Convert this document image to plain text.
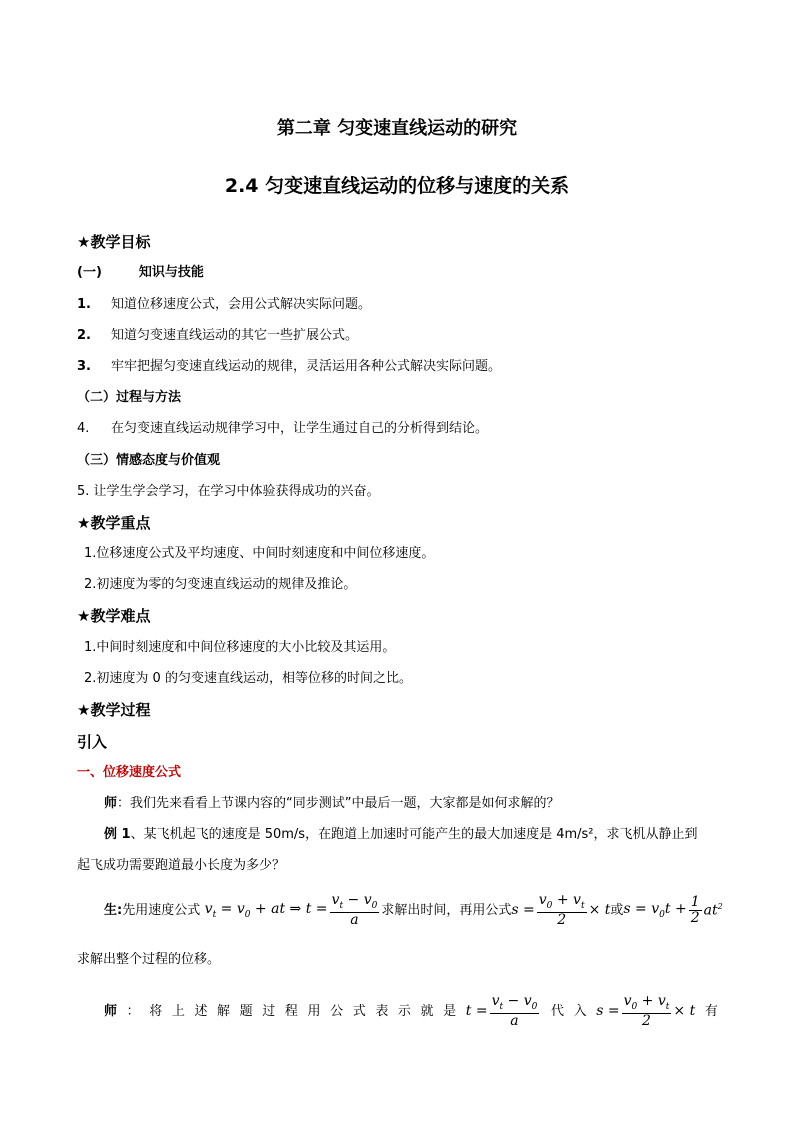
第二章 匀变速直线运动的研究
2.4 匀变速直线运动的位移与速度的关系
★教学目标
(一)	知识与技能
1. 知道位移速度公式，会用公式解决实际问题。
2. 知道匀变速直线运动的其它一些扩展公式。
3. 牢牢把握匀变速直线运动的规律，灵活运用各种公式解决实际问题。
（二）过程与方法
4. 在匀变速直线运动规律学习中，让学生通过自己的分析得到结论。
（三）情感态度与价值观
5. 让学生学会学习，在学习中体验获得成功的兴奋。
★教学重点
1.位移速度公式及平均速度、中间时刻速度和中间位移速度。
2.初速度为零的匀变速直线运动的规律及推论。
★教学难点
1.中间时刻速度和中间位移速度的大小比较及其运用。
2.初速度为 0 的匀变速直线运动，相等位移的时间之比。
★教学过程
引入
一、位移速度公式
师：我们先来看看上节课内容的“同步测试”中最后一题，大家都是如何求解的？
例 1、某飞机起飞的速度是 50m/s，在跑道上加速时可能产生的最大加速度是 4m/s²，求飞机从静止到
起飞成功需要跑道最小长度为多少？
生: 先用速度公式 $v_t = v_0$ + at ⇒ $t = \frac{v_t - v_0}{a}$ 求解出时间，再用公式 $s = \frac{v_0 + v_t}{2} \times t$ 或 $s = v_0t + \frac{1}{2} at^2$
求解出整个过程的位移。
师 ： 将 上 述 解 题 过 程 用 公 式 表 示 就 是 $t = \frac{v_t - v_0}{a}$ 代 入 $s = \frac{v_0 + v_t}{2} \times t$ 有
